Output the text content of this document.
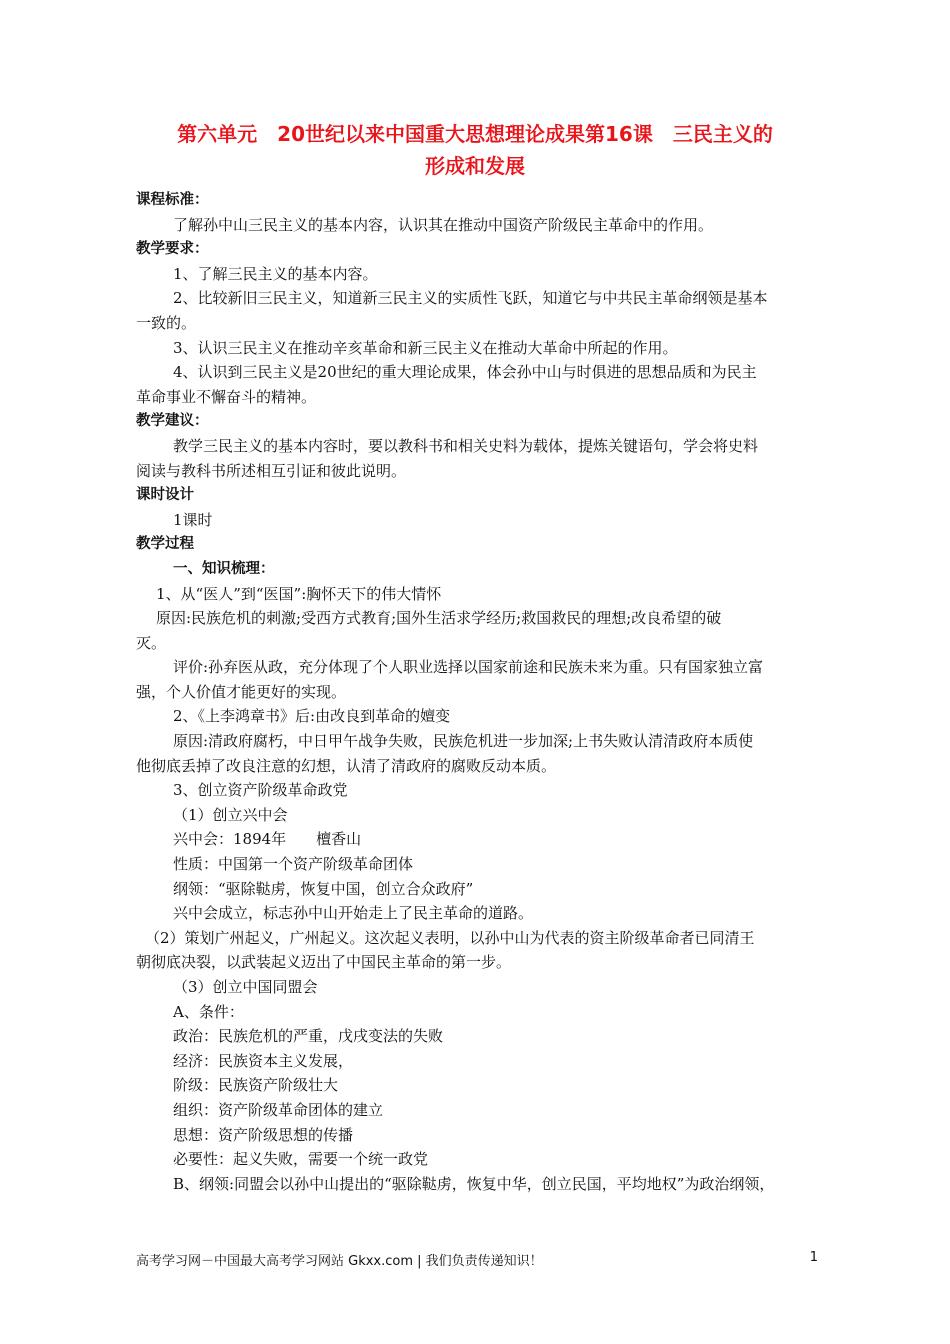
第六单元　20世纪以来中国重大思想理论成果第16课　三民主义的
形成和发展

课程标准：

了解孙中山三民主义的基本内容，认识其在推动中国资产阶级民主革命中的作用。

教学要求：

1、了解三民主义的基本内容。

2、比较新旧三民主义，知道新三民主义的实质性飞跃，知道它与中共民主革命纲领是基本

一致的。

3、认识三民主义在推动辛亥革命和新三民主义在推动大革命中所起的作用。

4、认识到三民主义是20世纪的重大理论成果，体会孙中山与时俱进的思想品质和为民主

革命事业不懈奋斗的精神。

教学建议：

教学三民主义的基本内容时，要以教科书和相关史料为载体，提炼关键语句，学会将史料

阅读与教科书所述相互引证和彼此说明。

课时设计

1课时

教学过程

一、知识梳理：

1、从“医人”到“医国”:胸怀天下的伟大情怀

原因:民族危机的刺激;受西方式教育;国外生活求学经历;救国救民的理想;改良希望的破

灭。

评价:孙弃医从政，充分体现了个人职业选择以国家前途和民族未来为重。只有国家独立富

强，个人价值才能更好的实现。

2、《上李鸿章书》后:由改良到革命的嬗变

原因:清政府腐朽，中日甲午战争失败，民族危机进一步加深;上书失败认清清政府本质使

他彻底丢掉了改良注意的幻想，认清了清政府的腐败反动本质。

3、创立资产阶级革命政党

（1）创立兴中会

兴中会：1894年　　檀香山

性质：中国第一个资产阶级革命团体

纲领：“驱除鞑虏，恢复中国，创立合众政府”

兴中会成立，标志孙中山开始走上了民主革命的道路。

（2）策划广州起义，广州起义。这次起义表明，以孙中山为代表的资主阶级革命者已同清王

朝彻底决裂，以武装起义迈出了中国民主革命的第一步。

（3）创立中国同盟会

A、条件：

政治：民族危机的严重，戊戌变法的失败

经济：民族资本主义发展，

阶级：民族资产阶级壮大

组织：资产阶级革命团体的建立

思想：资产阶级思想的传播

必要性：起义失败，需要一个统一政党

B、纲领:同盟会以孙中山提出的“驱除鞑虏，恢复中华，创立民国，平均地权”为政治纲领，

高考学习网－中国最大高考学习网站 Gkxx.com | 我们负责传递知识！	1
